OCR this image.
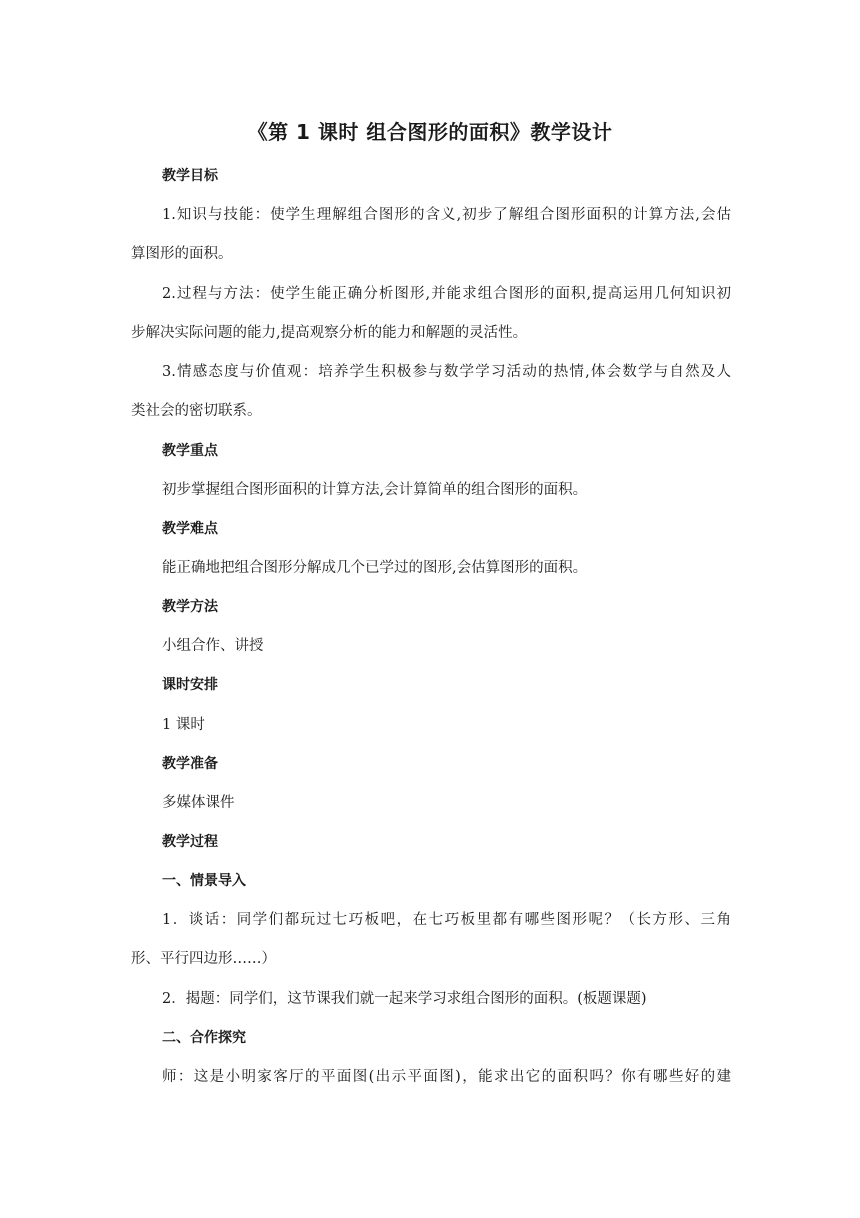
《第 1 课时 组合图形的面积》教学设计
教学目标
1.知识与技能：使学生理解组合图形的含义,初步了解组合图形面积的计算方法,会估
算图形的面积。
2.过程与方法：使学生能正确分析图形,并能求组合图形的面积,提高运用几何知识初
步解决实际问题的能力,提高观察分析的能力和解题的灵活性。
3.情感态度与价值观：培养学生积极参与数学学习活动的热情,体会数学与自然及人
类社会的密切联系。
教学重点
初步掌握组合图形面积的计算方法,会计算简单的组合图形的面积。
教学难点
能正确地把组合图形分解成几个已学过的图形,会估算图形的面积。
教学方法
小组合作、讲授
课时安排
1 课时
教学准备
多媒体课件
教学过程
一、情景导入
1．谈话：同学们都玩过七巧板吧，在七巧板里都有哪些图形呢？（长方形、三角
形、平行四边形……）
2．揭题：同学们，这节课我们就一起来学习求组合图形的面积。(板题课题)
二、合作探究
师：这是小明家客厅的平面图(出示平面图)，能求出它的面积吗？你有哪些好的建
